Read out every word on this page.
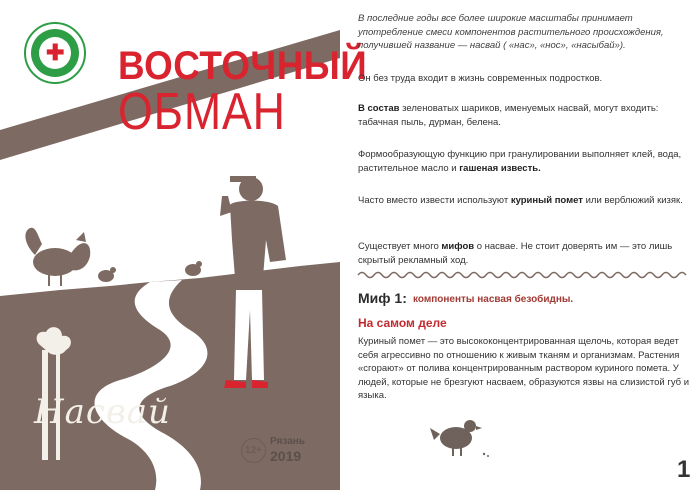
✚ ВОСТОЧНЫЙ
ОБМАН
Насвай
12+
Рязань
2019

В последние годы все более широкие масштабы принимает употребление смеси компонентов растительного происхождения, получившей название — насвай ( «нас», «нос», «насыбай»).

Он без труда входит в жизнь современных подростков.

В состав зеленоватых шариков, именуемых насвай, могут входить: табачная пыль, дурман, белена.

Формообразующую функцию при гранулировании выполняет клей, вода, растительное масло и гашеная известь.

Часто вместо извести используют куриный помет или верблюжий кизяк.

Существует много мифов о насвае. Не стоит доверять им — это лишь скрытый рекламный ход.

Миф 1: компоненты насвая безобидны.
На самом деле

Куриный помет — это высококонцентрированная щелочь, которая ведет себя агрессивно по отношению к живым тканям и организмам. Растения «сгорают» от полива концентрированным раствором куриного помета. У людей, которые не брезгуют насваем, образуются язвы на слизистой губ и языка.

1
